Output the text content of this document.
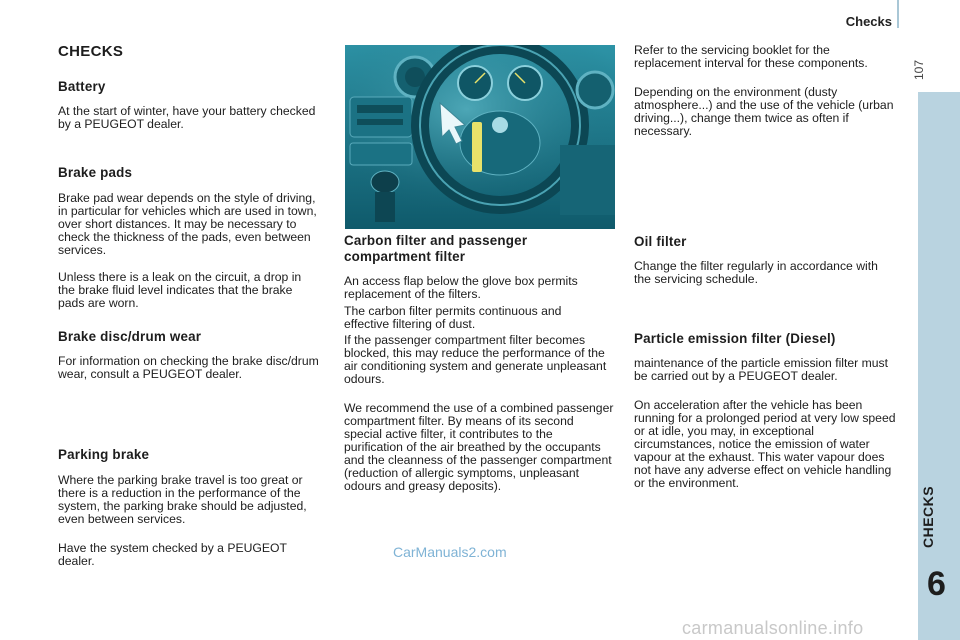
Checks
107
CHECKS
6
CHECKS
Battery

At the start of winter, have your battery checked by a PEUGEOT dealer.

Brake pads

Brake pad wear depends on the style of driving, in particular for vehicles which are used in town, over short distances. It may be necessary to check the thickness of the pads, even between services.

Unless there is a leak on the circuit, a drop in the brake fluid level indicates that the brake pads are worn.

Brake disc/drum wear

For information on checking the brake disc/drum wear, consult a PEUGEOT dealer.

Parking brake

Where the parking brake travel is too great or there is a reduction in the performance of the system, the parking brake should be adjusted, even between services.

Have the system checked by a PEUGEOT dealer.

Carbon filter and passenger compartment filter

An access flap below the glove box permits replacement of the filters.

The carbon filter permits continuous and effective filtering of dust.

If the passenger compartment filter becomes blocked, this may reduce the performance of the air conditioning system and generate unpleasant odours.

We recommend the use of a combined passenger compartment filter. By means of its second special active filter, it contributes to the purification of the air breathed by the occupants and the cleanness of the passenger compartment (reduction of allergic symptoms, unpleasant odours and greasy deposits).

Refer to the servicing booklet for the replacement interval for these components.

Depending on the environment (dusty atmosphere...) and the use of the vehicle (urban driving...), change them twice as often if necessary.

Oil filter

Change the filter regularly in accordance with the servicing schedule.

Particle emission filter (Diesel)

maintenance of the particle emission filter must be carried out by a PEUGEOT dealer.

On acceleration after the vehicle has been running for a prolonged period at very low speed or at idle, you may, in exceptional circumstances, notice the emission of water vapour at the exhaust. This water vapour does not have any adverse effect on vehicle handling or the environment.

CarManuals2.com
carmanualsonline.info
